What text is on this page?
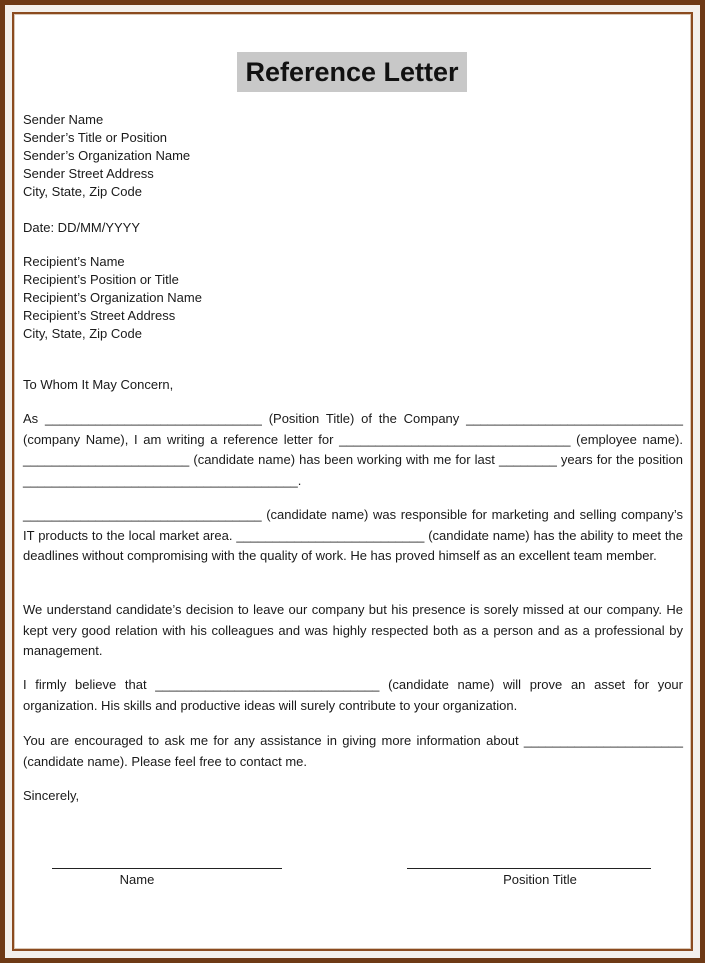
Reference Letter
Sender Name
Sender’s Title or Position
Sender’s Organization Name
Sender Street Address
City, State, Zip Code
Date: DD/MM/YYYY
Recipient’s Name
Recipient’s Position or Title
Recipient’s Organization Name
Recipient’s Street Address
City, State, Zip Code
To Whom It May Concern,
As ______________________________ (Position Title) of the Company ______________________________ (company Name), I am writing a reference letter for ________________________________ (employee name). _______________________ (candidate name) has been working with me for last ________ years for the position ______________________________________.
_________________________________ (candidate name) was responsible for marketing and selling company’s IT products to the local market area. __________________________ (candidate name) has the ability to meet the deadlines without compromising with the quality of work. He has proved himself as an excellent team member.
We understand candidate’s decision to leave our company but his presence is sorely missed at our company. He kept very good relation with his colleagues and was highly respected both as a person and as a professional by management.
I firmly believe that _______________________________ (candidate name) will prove an asset for your organization. His skills and productive ideas will surely contribute to your organization.
You are encouraged to ask me for any assistance in giving more information about ______________________ (candidate name). Please feel free to contact me.
Sincerely,
Name	Position Title
